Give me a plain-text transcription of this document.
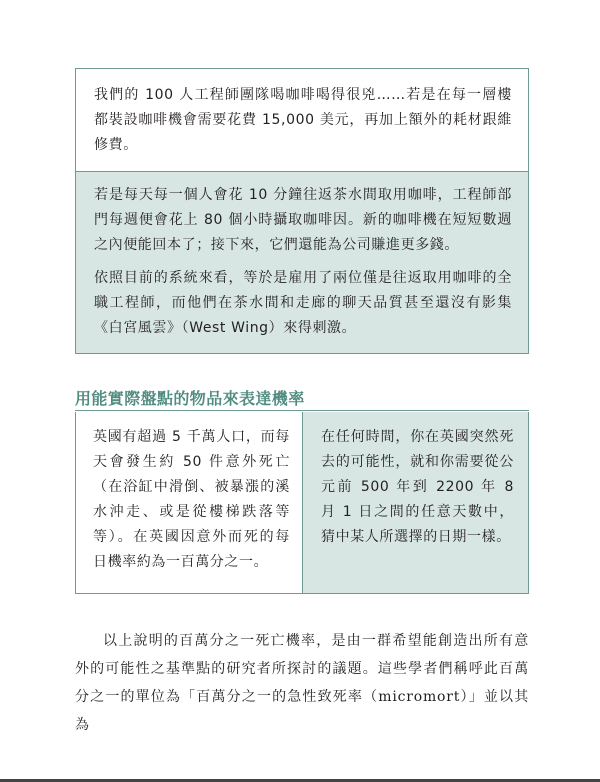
我們的 100 人工程師團隊喝咖啡喝得很兇……若是在每一層樓都裝設咖啡機會需要花費 15,000 美元，再加上額外的耗材跟維修費。

若是每天每一個人會花 10 分鐘往返茶水間取用咖啡，工程師部門每週便會花上 80 個小時攝取咖啡因。新的咖啡機在短短數週之內便能回本了；接下來，它們還能為公司賺進更多錢。

依照目前的系統來看，等於是雇用了兩位僅是往返取用咖啡的全職工程師，而他們在茶水間和走廊的聊天品質甚至還沒有影集《白宮風雲》（West Wing）來得刺激。

用能實際盤點的物品來表達機率

英國有超過 5 千萬人口，而每天會發生約 50 件意外死亡（在浴缸中滑倒、被暴漲的溪水沖走、或是從樓梯跌落等等）。在英國因意外而死的每日機率約為一百萬分之一。

在任何時間，你在英國突然死去的可能性，就和你需要從公元前 500 年到 2200 年 8 月 1 日之間的任意天數中，猜中某人所選擇的日期一樣。

以上說明的百萬分之一死亡機率，是由一群希望能創造出所有意外的可能性之基準點的研究者所探討的議題。這些學者們稱呼此百萬分之一的單位為「百萬分之一的急性致死率（micromort）」並以其為
